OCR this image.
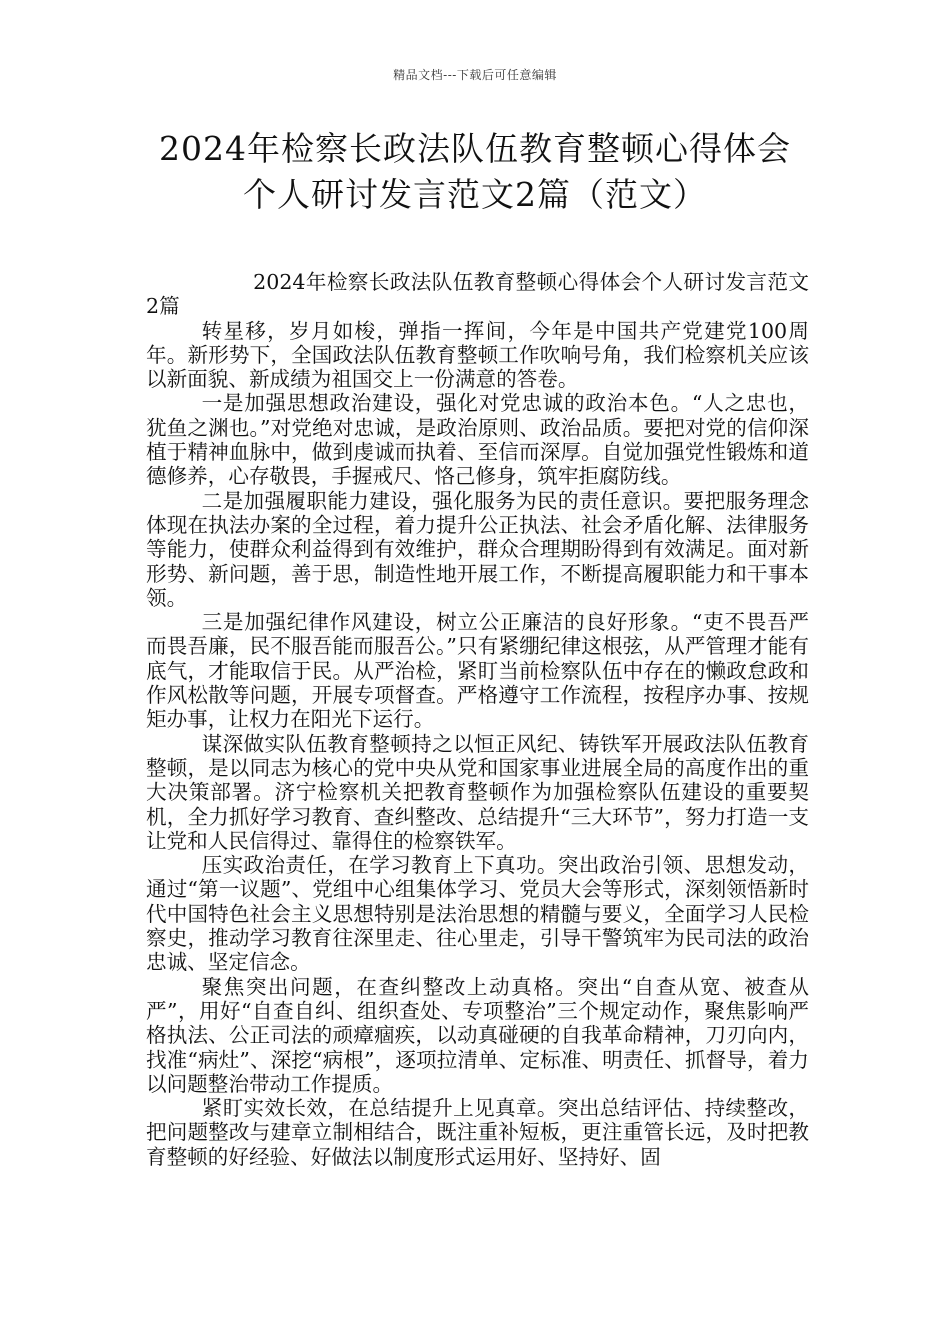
精品文档---下载后可任意编辑
2024年检察长政法队伍教育整顿心得体会
个人研讨发言范文2篇（范文）

2024年检察长政法队伍教育整顿心得体会个人研讨发言范文2篇

转星移，岁月如梭，弹指一挥间，今年是中国共产党建党100周年。新形势下，全国政法队伍教育整顿工作吹响号角，我们检察机关应该以新面貌、新成绩为祖国交上一份满意的答卷。

一是加强思想政治建设，强化对党忠诚的政治本色。“人之忠也，犹鱼之渊也。”对党绝对忠诚，是政治原则、政治品质。要把对党的信仰深植于精神血脉中，做到虔诚而执着、至信而深厚。自觉加强党性锻炼和道德修养，心存敬畏，手握戒尺、恪己修身，筑牢拒腐防线。

二是加强履职能力建设，强化服务为民的责任意识。要把服务理念体现在执法办案的全过程，着力提升公正执法、社会矛盾化解、法律服务等能力，使群众利益得到有效维护，群众合理期盼得到有效满足。面对新形势、新问题，善于思，制造性地开展工作，不断提高履职能力和干事本领。

三是加强纪律作风建设，树立公正廉洁的良好形象。“吏不畏吾严而畏吾廉，民不服吾能而服吾公。”只有紧绷纪律这根弦，从严管理才能有底气，才能取信于民。从严治检，紧盯当前检察队伍中存在的懒政怠政和作风松散等问题，开展专项督查。严格遵守工作流程，按程序办事、按规矩办事，让权力在阳光下运行。

谋深做实队伍教育整顿持之以恒正风纪、铸铁军开展政法队伍教育整顿，是以同志为核心的党中央从党和国家事业进展全局的高度作出的重大决策部署。济宁检察机关把教育整顿作为加强检察队伍建设的重要契机，全力抓好学习教育、查纠整改、总结提升“三大环节”，努力打造一支让党和人民信得过、靠得住的检察铁军。

压实政治责任，在学习教育上下真功。突出政治引领、思想发动，通过“第一议题”、党组中心组集体学习、党员大会等形式，深刻领悟新时代中国特色社会主义思想特别是法治思想的精髓与要义，全面学习人民检察史，推动学习教育往深里走、往心里走，引导干警筑牢为民司法的政治忠诚、坚定信念。

聚焦突出问题，在查纠整改上动真格。突出“自查从宽、被查从严”，用好“自查自纠、组织查处、专项整治”三个规定动作，聚焦影响严格执法、公正司法的顽瘴痼疾，以动真碰硬的自我革命精神，刀刃向内，找准“病灶”、深挖“病根”，逐项拉清单、定标准、明责任、抓督导，着力以问题整治带动工作提质。

紧盯实效长效，在总结提升上见真章。突出总结评估、持续整改，把问题整改与建章立制相结合，既注重补短板，更注重管长远，及时把教育整顿的好经验、好做法以制度形式运用好、坚持好、固
